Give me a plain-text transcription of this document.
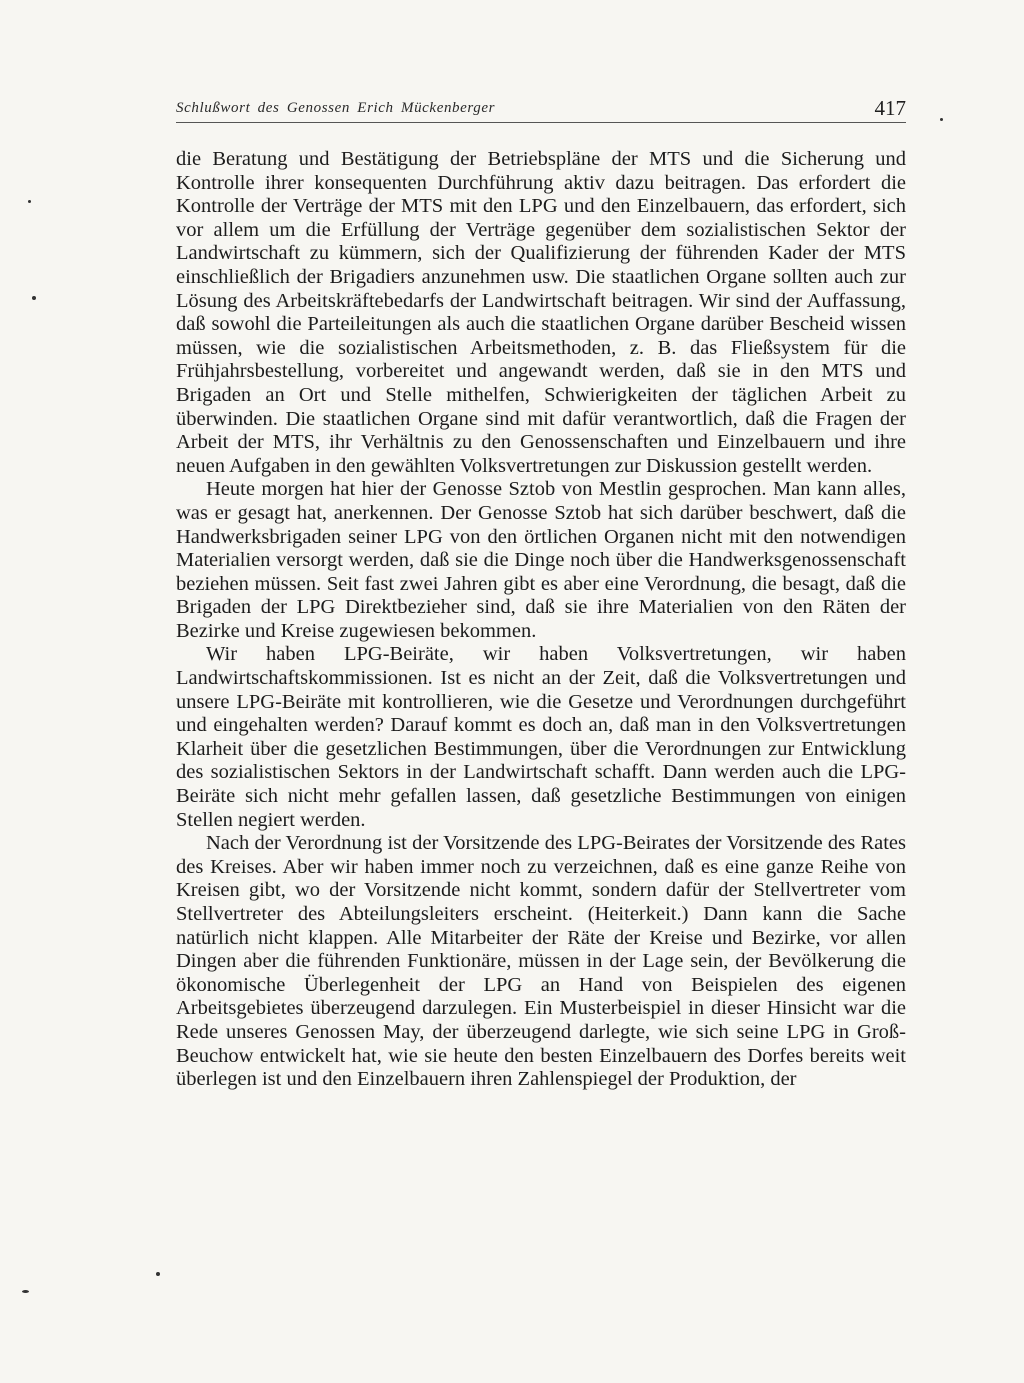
Schlußwort des Genossen Erich Mückenberger	417

die Beratung und Bestätigung der Betriebspläne der MTS und die Sicherung und Kontrolle ihrer konsequenten Durchführung aktiv dazu beitragen. Das erfordert die Kontrolle der Verträge der MTS mit den LPG und den Einzelbauern, das erfordert, sich vor allem um die Erfüllung der Verträge gegenüber dem sozialistischen Sektor der Landwirtschaft zu kümmern, sich der Qualifizierung der führenden Kader der MTS einschließlich der Brigadiers anzunehmen usw. Die staatlichen Organe sollten auch zur Lösung des Arbeitskräftebedarfs der Landwirtschaft beitragen. Wir sind der Auffassung, daß sowohl die Parteileitungen als auch die staatlichen Organe darüber Bescheid wissen müssen, wie die sozialistischen Arbeitsmethoden, z. B. das Fließsystem für die Frühjahrsbestellung, vorbereitet und angewandt werden, daß sie in den MTS und Brigaden an Ort und Stelle mithelfen, Schwierigkeiten der täglichen Arbeit zu überwinden. Die staatlichen Organe sind mit dafür verantwortlich, daß die Fragen der Arbeit der MTS, ihr Verhältnis zu den Genossenschaften und Einzelbauern und ihre neuen Aufgaben in den gewählten Volksvertretungen zur Diskussion gestellt werden.

Heute morgen hat hier der Genosse Sztob von Mestlin gesprochen. Man kann alles, was er gesagt hat, anerkennen. Der Genosse Sztob hat sich darüber beschwert, daß die Handwerksbrigaden seiner LPG von den örtlichen Organen nicht mit den notwendigen Materialien versorgt werden, daß sie die Dinge noch über die Handwerksgenossenschaft beziehen müssen. Seit fast zwei Jahren gibt es aber eine Verordnung, die besagt, daß die Brigaden der LPG Direktbezieher sind, daß sie ihre Materialien von den Räten der Bezirke und Kreise zugewiesen bekommen.

Wir haben LPG-Beiräte, wir haben Volksvertretungen, wir haben Landwirtschaftskommissionen. Ist es nicht an der Zeit, daß die Volksvertretungen und unsere LPG-Beiräte mit kontrollieren, wie die Gesetze und Verordnungen durchgeführt und eingehalten werden? Darauf kommt es doch an, daß man in den Volksvertretungen Klarheit über die gesetzlichen Bestimmungen, über die Verordnungen zur Entwicklung des sozialistischen Sektors in der Landwirtschaft schafft. Dann werden auch die LPG-Beiräte sich nicht mehr gefallen lassen, daß gesetzliche Bestimmungen von einigen Stellen negiert werden.

Nach der Verordnung ist der Vorsitzende des LPG-Beirates der Vorsitzende des Rates des Kreises. Aber wir haben immer noch zu verzeichnen, daß es eine ganze Reihe von Kreisen gibt, wo der Vorsitzende nicht kommt, sondern dafür der Stellvertreter vom Stellvertreter des Abteilungsleiters erscheint. (Heiterkeit.) Dann kann die Sache natürlich nicht klappen. Alle Mitarbeiter der Räte der Kreise und Bezirke, vor allen Dingen aber die führenden Funktionäre, müssen in der Lage sein, der Bevölkerung die ökonomische Überlegenheit der LPG an Hand von Beispielen des eigenen Arbeitsgebietes überzeugend darzulegen. Ein Musterbeispiel in dieser Hinsicht war die Rede unseres Genossen May, der überzeugend darlegte, wie sich seine LPG in Groß-Beuchow entwickelt hat, wie sie heute den besten Einzelbauern des Dorfes bereits weit überlegen ist und den Einzelbauern ihren Zahlenspiegel der Produktion, der
